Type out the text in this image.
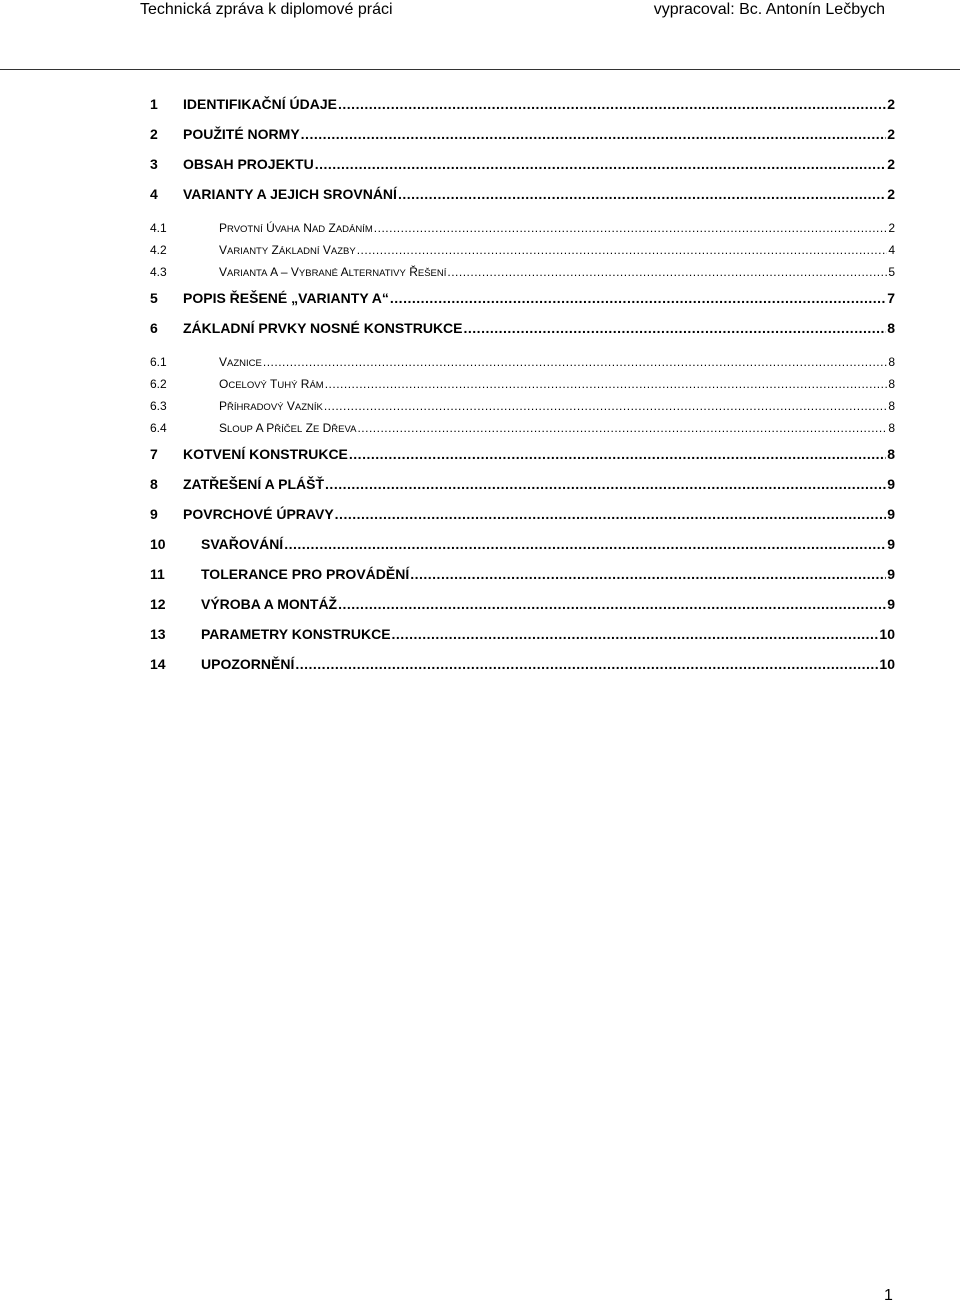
Technická zpráva k diplomové práci	vypracoval: Bc. Antonín Lečbych
1	IDENTIFIKAČNÍ ÚDAJE .....	2
2	POUŽITÉ NORMY .....	2
3	OBSAH PROJEKTU .....	2
4	VARIANTY A JEJICH SROVNÁNÍ .....	2
4.1	PRVOTNÍ ÚVAHA NAD ZADÁNÍM .....	2
4.2	VARIANTY ZÁKLADNÍ VAZBY .....	4
4.3	VARIANTA A – VYBRANÉ ALTERNATIVY ŘEŠENÍ .....	5
5	POPIS ŘEŠENÉ „VARIANTY A“ .....	7
6	ZÁKLADNÍ PRVKY NOSNÉ KONSTRUKCE .....	8
6.1	VAZNICE .....	8
6.2	OCELOVÝ TUHÝ RÁM .....	8
6.3	PŘÍHRADOVÝ VAZNÍK .....	8
6.4	SLOUP A PŘÍČEL ZE DŘEVA .....	8
7	KOTVENÍ KONSTRUKCE .....	8
8	ZATŘEŠENÍ A PLÁŠŤ .....	9
9	POVRCHOVÉ ÚPRAVY .....	9
10	SVAŘOVÁNÍ .....	9
11	TOLERANCE PRO PROVÁDĚNÍ .....	9
12	VÝROBA A MONTÁŽ .....	9
13	PARAMETRY KONSTRUKCE .....	10
14	UPOZORNĚNÍ .....	10
1
